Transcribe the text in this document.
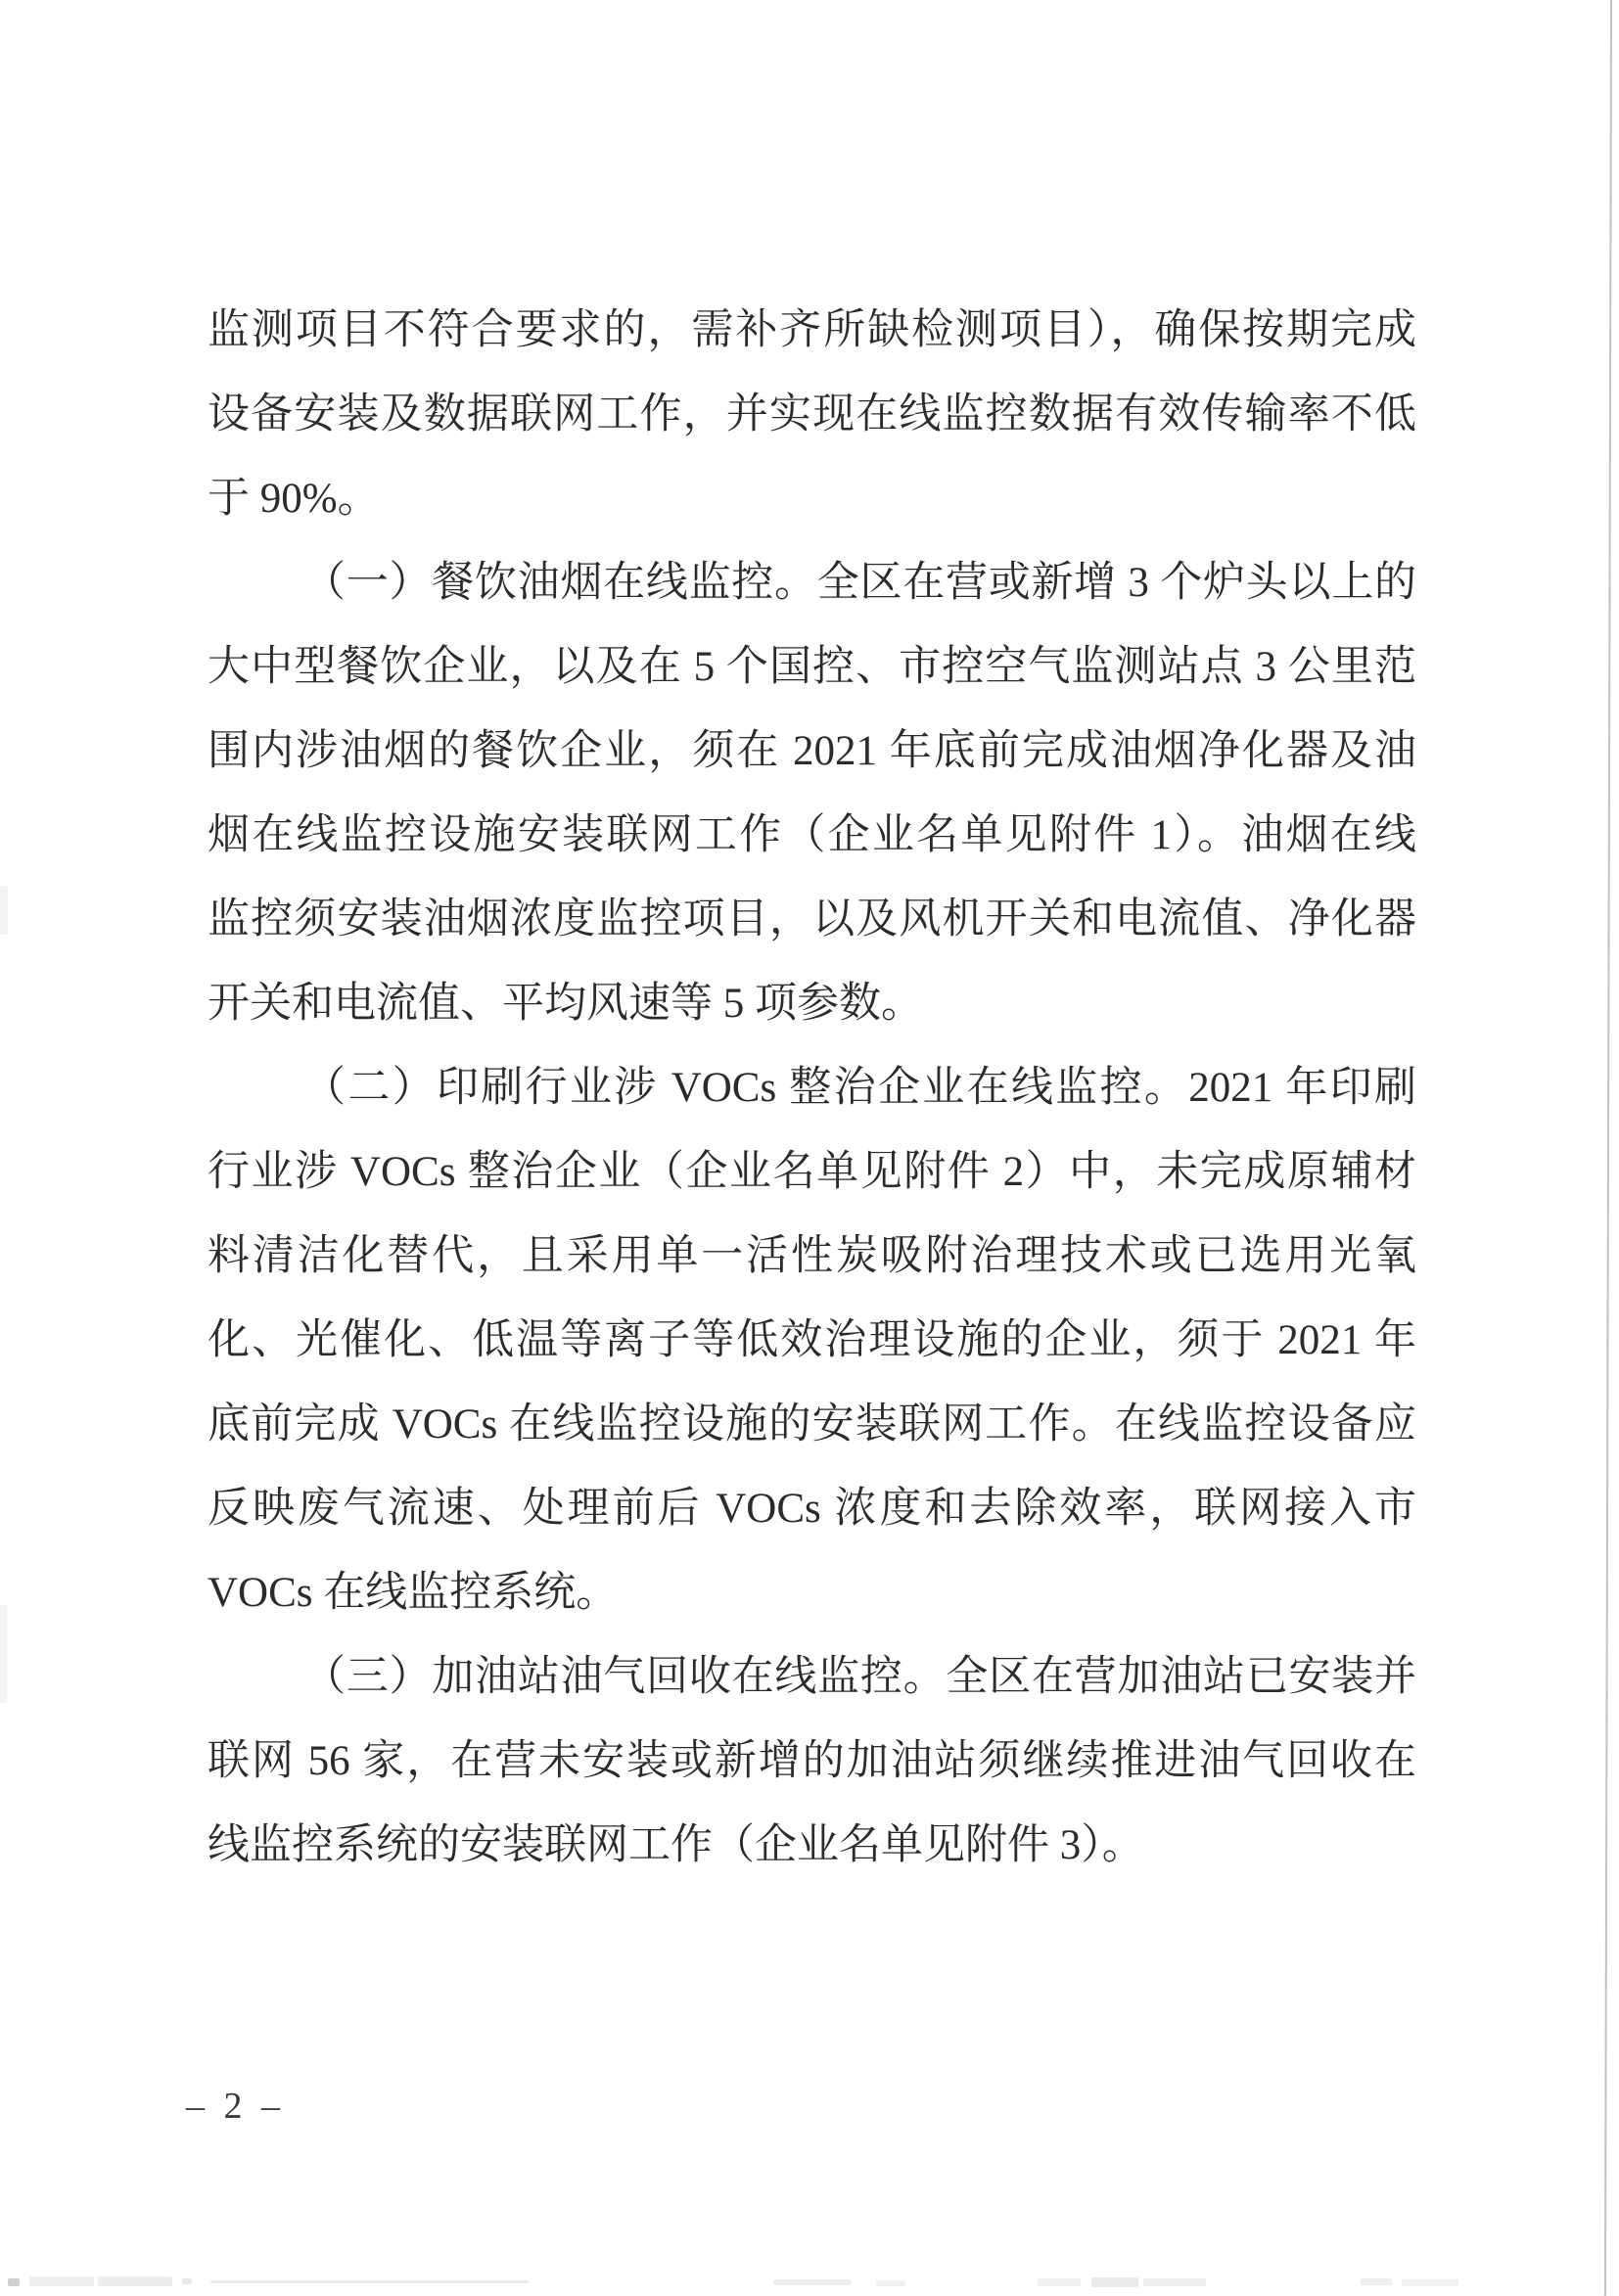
监测项目不符合要求的，需补齐所缺检测项目），确保按期完成
设备安装及数据联网工作，并实现在线监控数据有效传输率不低
于 90%。
（一）餐饮油烟在线监控。全区在营或新增 3 个炉头以上的
大中型餐饮企业，以及在 5 个国控、市控空气监测站点 3 公里范
围内涉油烟的餐饮企业，须在 2021 年底前完成油烟净化器及油
烟在线监控设施安装联网工作（企业名单见附件 1）。油烟在线
监控须安装油烟浓度监控项目，以及风机开关和电流值、净化器
开关和电流值、平均风速等 5 项参数。
（二）印刷行业涉 VOCs 整治企业在线监控。2021 年印刷
行业涉 VOCs 整治企业（企业名单见附件 2）中，未完成原辅材
料清洁化替代，且采用单一活性炭吸附治理技术或已选用光氧
化、光催化、低温等离子等低效治理设施的企业，须于 2021 年
底前完成 VOCs 在线监控设施的安装联网工作。在线监控设备应
反映废气流速、处理前后 VOCs 浓度和去除效率，联网接入市
VOCs 在线监控系统。
（三）加油站油气回收在线监控。全区在营加油站已安装并
联网 56 家，在营未安装或新增的加油站须继续推进油气回收在
线监控系统的安装联网工作（企业名单见附件 3）。
– 2 –
